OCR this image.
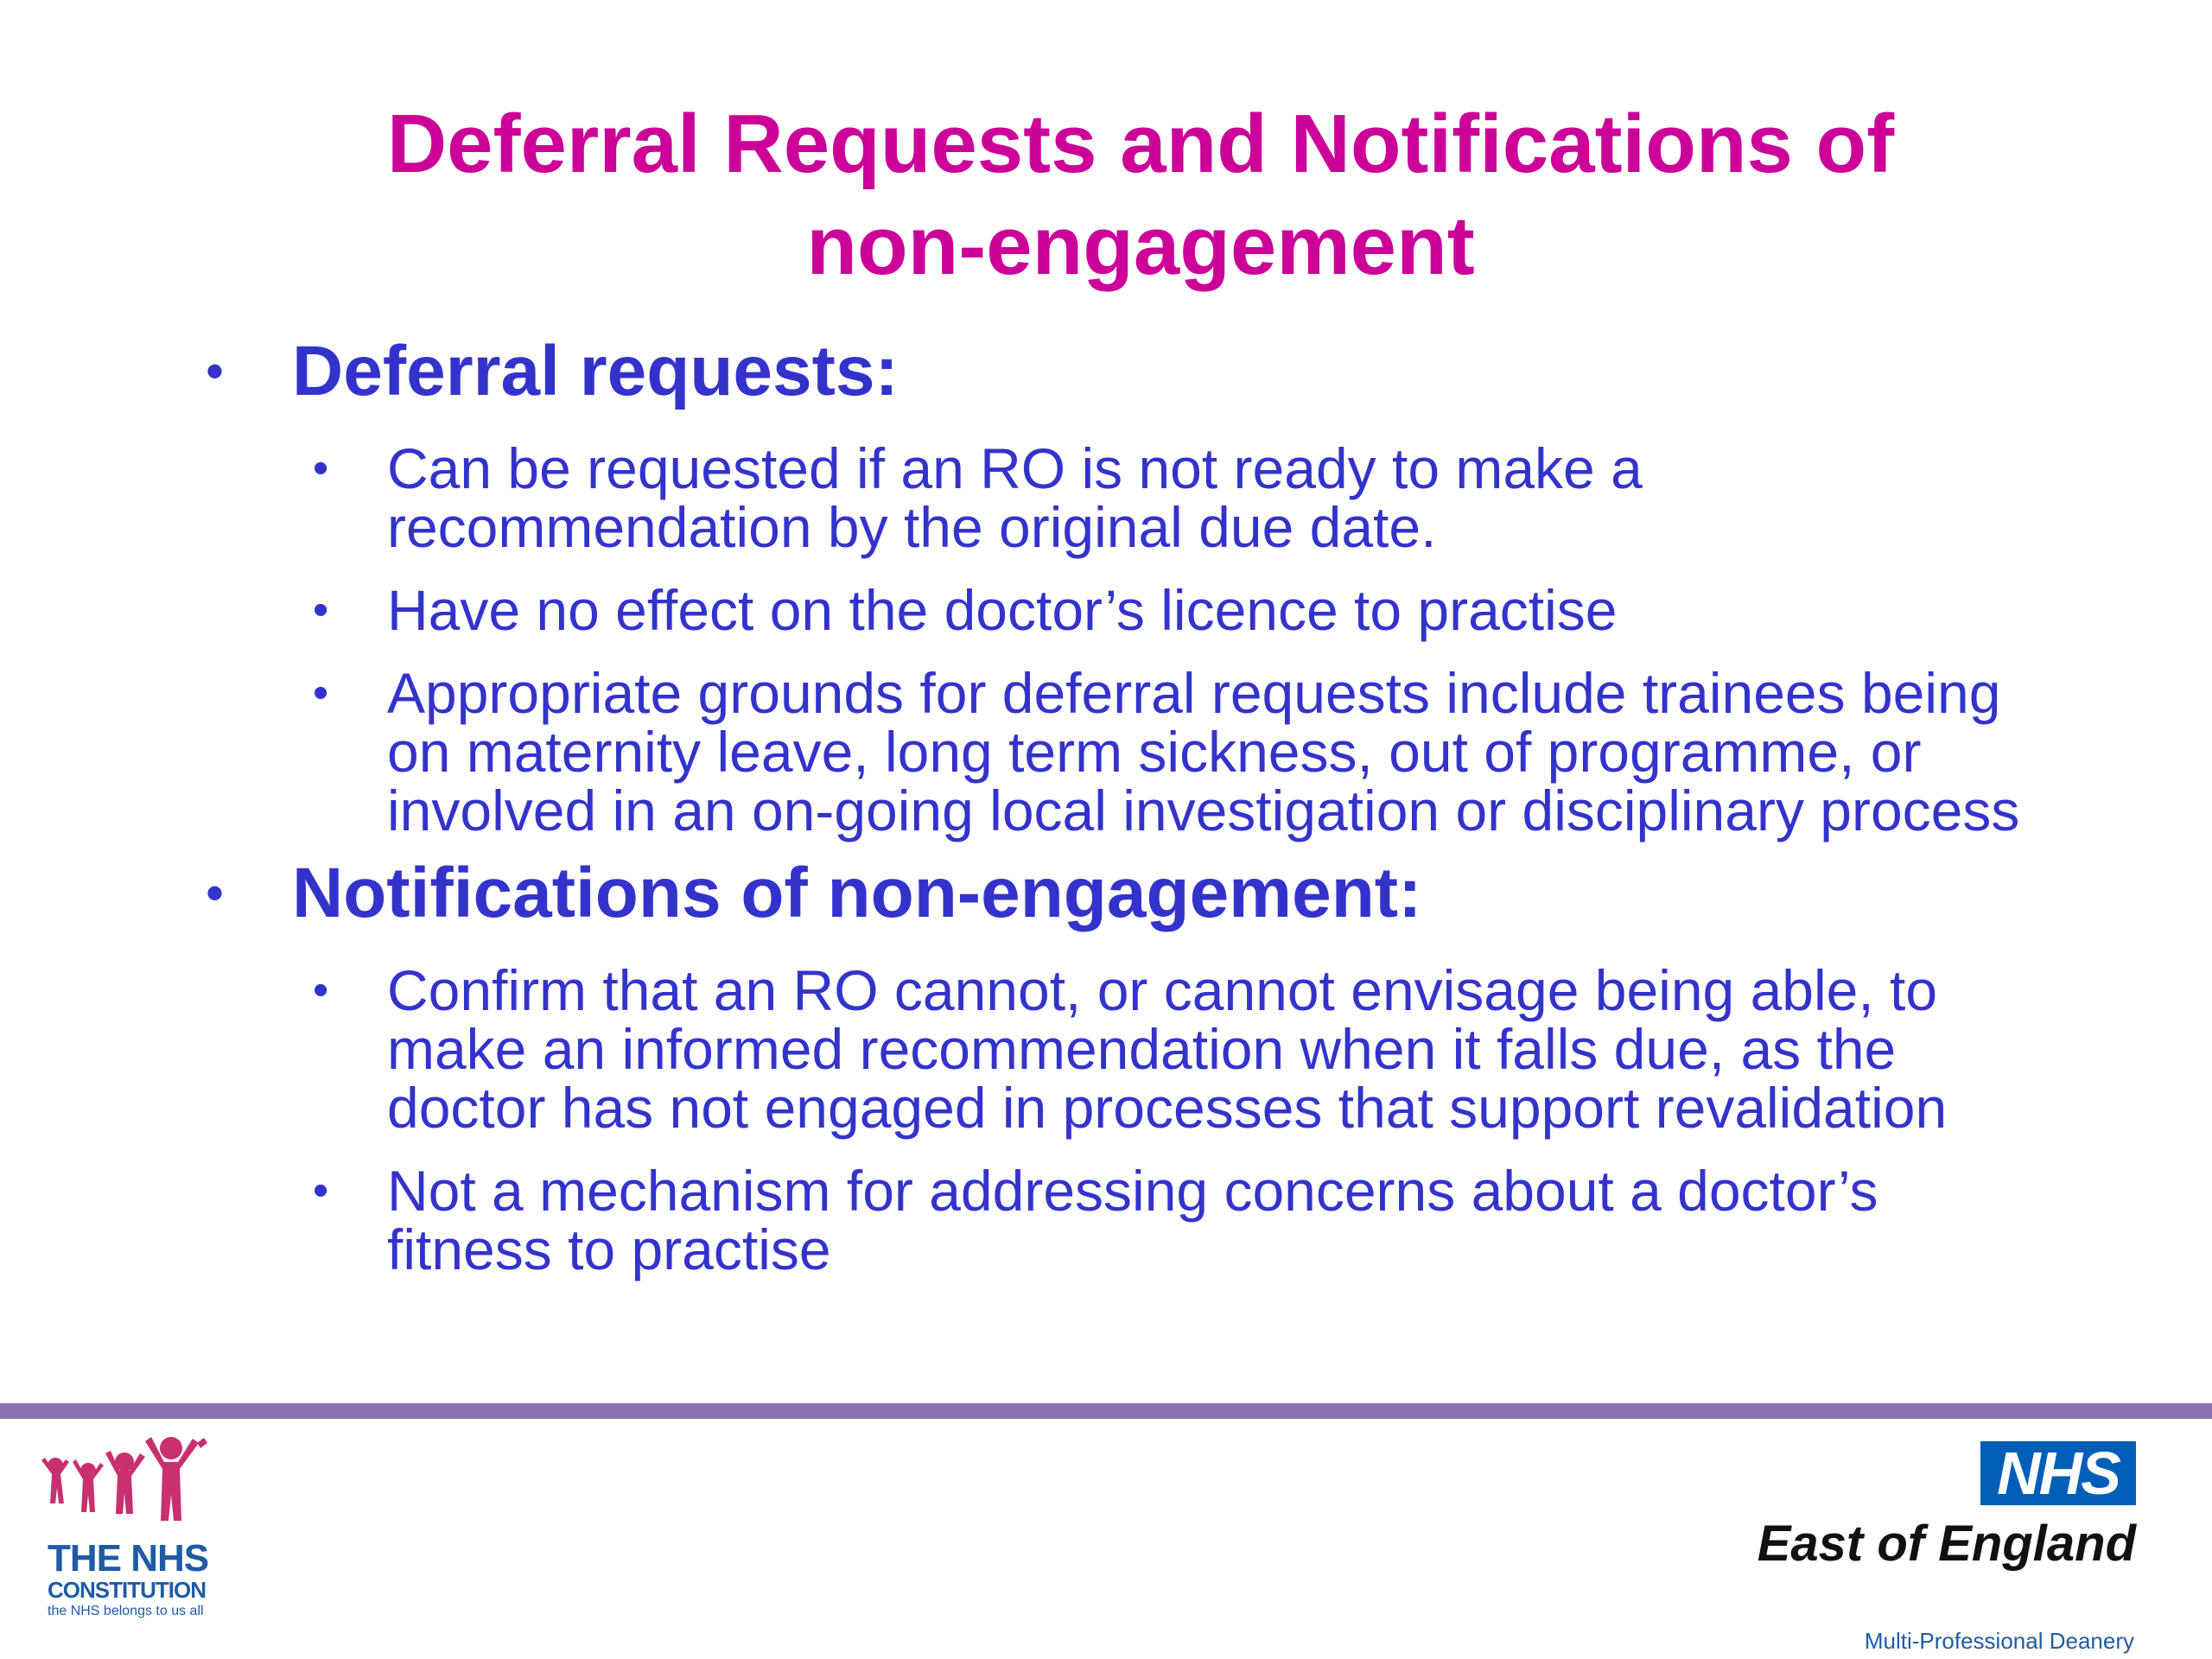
Deferral Requests and Notifications of
non-engagement
• Deferral requests:
• Can be requested if an RO is not ready to make a recommendation by the original due date.
• Have no effect on the doctor’s licence to practise
• Appropriate grounds for deferral requests include trainees being on maternity leave, long term sickness, out of programme, or involved in an on-going local investigation or disciplinary process
• Notifications of non-engagement:
• Confirm that an RO cannot, or cannot envisage being able, to make an informed recommendation when it falls due, as the doctor has not engaged in processes that support revalidation
• Not a mechanism for addressing concerns about a doctor’s fitness to practise
THE NHS
CONSTITUTION
the NHS belongs to us all
NHS
East of England
Multi-Professional Deanery
